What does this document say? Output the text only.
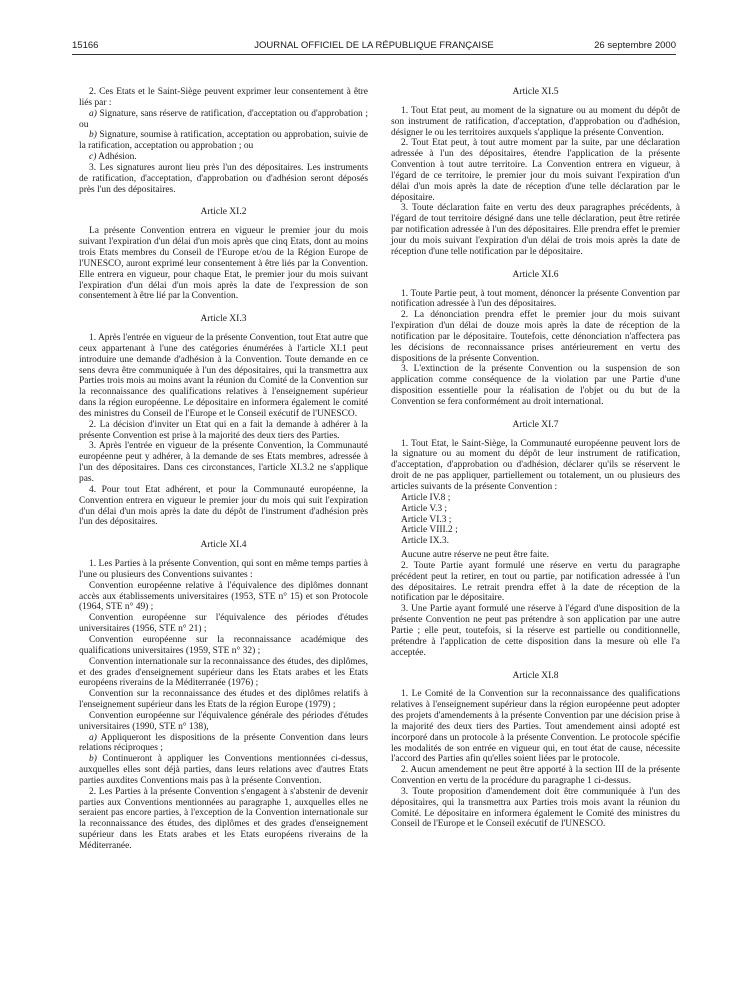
15166	JOURNAL OFFICIEL DE LA RÉPUBLIQUE FRANÇAISE	26 septembre 2000

2. Ces Etats et le Saint-Siège peuvent exprimer leur consentement à être liés par :

a) Signature, sans réserve de ratification, d'acceptation ou d'approbation ; ou

b) Signature, soumise à ratification, acceptation ou approbation, suivie de la ratification, acceptation ou approbation ; ou

c) Adhésion.

3. Les signatures auront lieu près l'un des dépositaires. Les instruments de ratification, d'acceptation, d'approbation ou d'adhésion seront déposés près l'un des dépositaires.

Article XI.2

La présente Convention entrera en vigueur le premier jour du mois suivant l'expiration d'un délai d'un mois après que cinq Etats, dont au moins trois Etats membres du Conseil de l'Europe et/ou de la Région Europe de l'UNESCO, auront exprimé leur consentement à être liés par la Convention. Elle entrera en vigueur, pour chaque Etat, le premier jour du mois suivant l'expiration d'un délai d'un mois après la date de l'expression de son consentement à être lié par la Convention.

Article XI.3

1. Après l'entrée en vigueur de la présente Convention, tout Etat autre que ceux appartenant à l'une des catégories énumérées à l'article XI.1 peut introduire une demande d'adhésion à la Convention. Toute demande en ce sens devra être communiquée à l'un des dépositaires, qui la transmettra aux Parties trois mois au moins avant la réunion du Comité de la Convention sur la reconnaissance des qualifications relatives à l'enseignement supérieur dans la région européenne. Le dépositaire en informera également le comité des ministres du Conseil de l'Europe et le Conseil exécutif de l'UNESCO.

2. La décision d'inviter un Etat qui en a fait la demande à adhérer à la présente Convention est prise à la majorité des deux tiers des Parties.

3. Après l'entrée en vigueur de la présente Convention, la Communauté européenne peut y adhérer, à la demande de ses Etats membres, adressée à l'un des dépositaires. Dans ces circonstances, l'article XI.3.2 ne s'applique pas.

4. Pour tout Etat adhérent, et pour la Communauté européenne, la Convention entrera en vigueur le premier jour du mois qui suit l'expiration d'un délai d'un mois après la date du dépôt de l'instrument d'adhésion près l'un des dépositaires.

Article XI.4

1. Les Parties à la présente Convention, qui sont en même temps parties à l'une ou plusieurs des Conventions suivantes :

Convention européenne relative à l'équivalence des diplômes donnant accès aux établissements universitaires (1953, STE n° 15) et son Protocole (1964, STE n° 49) ;

Convention européenne sur l'équivalence des périodes d'études universitaires (1956, STE n° 21) ;

Convention européenne sur la reconnaissance académique des qualifications universitaires (1959, STE n° 32) ;

Convention internationale sur la reconnaissance des études, des diplômes, et des grades d'enseignement supérieur dans les Etats arabes et les Etats européens riverains de la Méditerranée (1976) ;

Convention sur la reconnaissance des études et des diplômes relatifs à l'enseignement supérieur dans les Etats de la région Europe (1979) ;

Convention européenne sur l'équivalence générale des périodes d'études universitaires (1990, STE n° 138),

a) Appliqueront les dispositions de la présente Convention dans leurs relations réciproques ;

b) Continueront à appliquer les Conventions mentionnées ci-dessus, auxquelles elles sont déjà parties, dans leurs relations avec d'autres Etats parties auxdites Conventions mais pas à la présente Convention.

2. Les Parties à la présente Convention s'engagent à s'abstenir de devenir parties aux Conventions mentionnées au paragraphe 1, auxquelles elles ne seraient pas encore parties, à l'exception de la Convention internationale sur la reconnaissance des études, des diplômes et des grades d'enseignement supérieur dans les Etats arabes et les Etats européens riverains de la Méditerranée.

Article XI.5

1. Tout Etat peut, au moment de la signature ou au moment du dépôt de son instrument de ratification, d'acceptation, d'approbation ou d'adhésion, désigner le ou les territoires auxquels s'applique la présente Convention.

2. Tout Etat peut, à tout autre moment par la suite, par une déclaration adressée à l'un des dépositaires, étendre l'application de la présente Convention à tout autre territoire. La Convention entrera en vigueur, à l'égard de ce territoire, le premier jour du mois suivant l'expiration d'un délai d'un mois après la date de réception d'une telle déclaration par le dépositaire.

3. Toute déclaration faite en vertu des deux paragraphes précédents, à l'égard de tout territoire désigné dans une telle déclaration, peut être retirée par notification adressée à l'un des dépositaires. Elle prendra effet le premier jour du mois suivant l'expiration d'un délai de trois mois après la date de réception d'une telle notification par le dépositaire.

Article XI.6

1. Toute Partie peut, à tout moment, dénoncer la présente Convention par notification adressée à l'un des dépositaires.

2. La dénonciation prendra effet le premier jour du mois suivant l'expiration d'un délai de douze mois après la date de réception de la notification par le dépositaire. Toutefois, cette dénonciation n'affectera pas les décisions de reconnaissance prises antérieurement en vertu des dispositions de la présente Convention.

3. L'extinction de la présente Convention ou la suspension de son application comme conséquence de la violation par une Partie d'une disposition essentielle pour la réalisation de l'objet ou du but de la Convention se fera conformément au droit international.

Article XI.7

1. Tout Etat, le Saint-Siège, la Communauté européenne peuvent lors de la signature ou au moment du dépôt de leur instrument de ratification, d'acceptation, d'approbation ou d'adhésion, déclarer qu'ils se réservent le droit de ne pas appliquer, partiellement ou totalement, un ou plusieurs des articles suivants de la présente Convention :

Article IV.8 ;
Article V.3 ;
Article VI.3 ;
Article VIII.2 ;
Article IX.3.

Aucune autre réserve ne peut être faite.

2. Toute Partie ayant formulé une réserve en vertu du paragraphe précédent peut la retirer, en tout ou partie, par notification adressée à l'un des dépositaires. Le retrait prendra effet à la date de réception de la notification par le dépositaire.

3. Une Partie ayant formulé une réserve à l'égard d'une disposition de la présente Convention ne peut pas prétendre à son application par une autre Partie ; elle peut, toutefois, si la réserve est partielle ou conditionnelle, prétendre à l'application de cette disposition dans la mesure où elle l'a acceptée.

Article XI.8

1. Le Comité de la Convention sur la reconnaissance des qualifications relatives à l'enseignement supérieur dans la région européenne peut adopter des projets d'amendements à la présente Convention par une décision prise à la majorité des deux tiers des Parties. Tout amendement ainsi adopté est incorporé dans un protocole à la présente Convention. Le protocole spécifie les modalités de son entrée en vigueur qui, en tout état de cause, nécessite l'accord des Parties afin qu'elles soient liées par le protocole.

2. Aucun amendement ne peut être apporté à la section III de la présente Convention en vertu de la procédure du paragraphe 1 ci-dessus.

3. Toute proposition d'amendement doit être communiquée à l'un des dépositaires, qui la transmettra aux Parties trois mois avant la réunion du Comité. Le dépositaire en informera également le Comité des ministres du Conseil de l'Europe et le Conseil exécutif de l'UNESCO.
